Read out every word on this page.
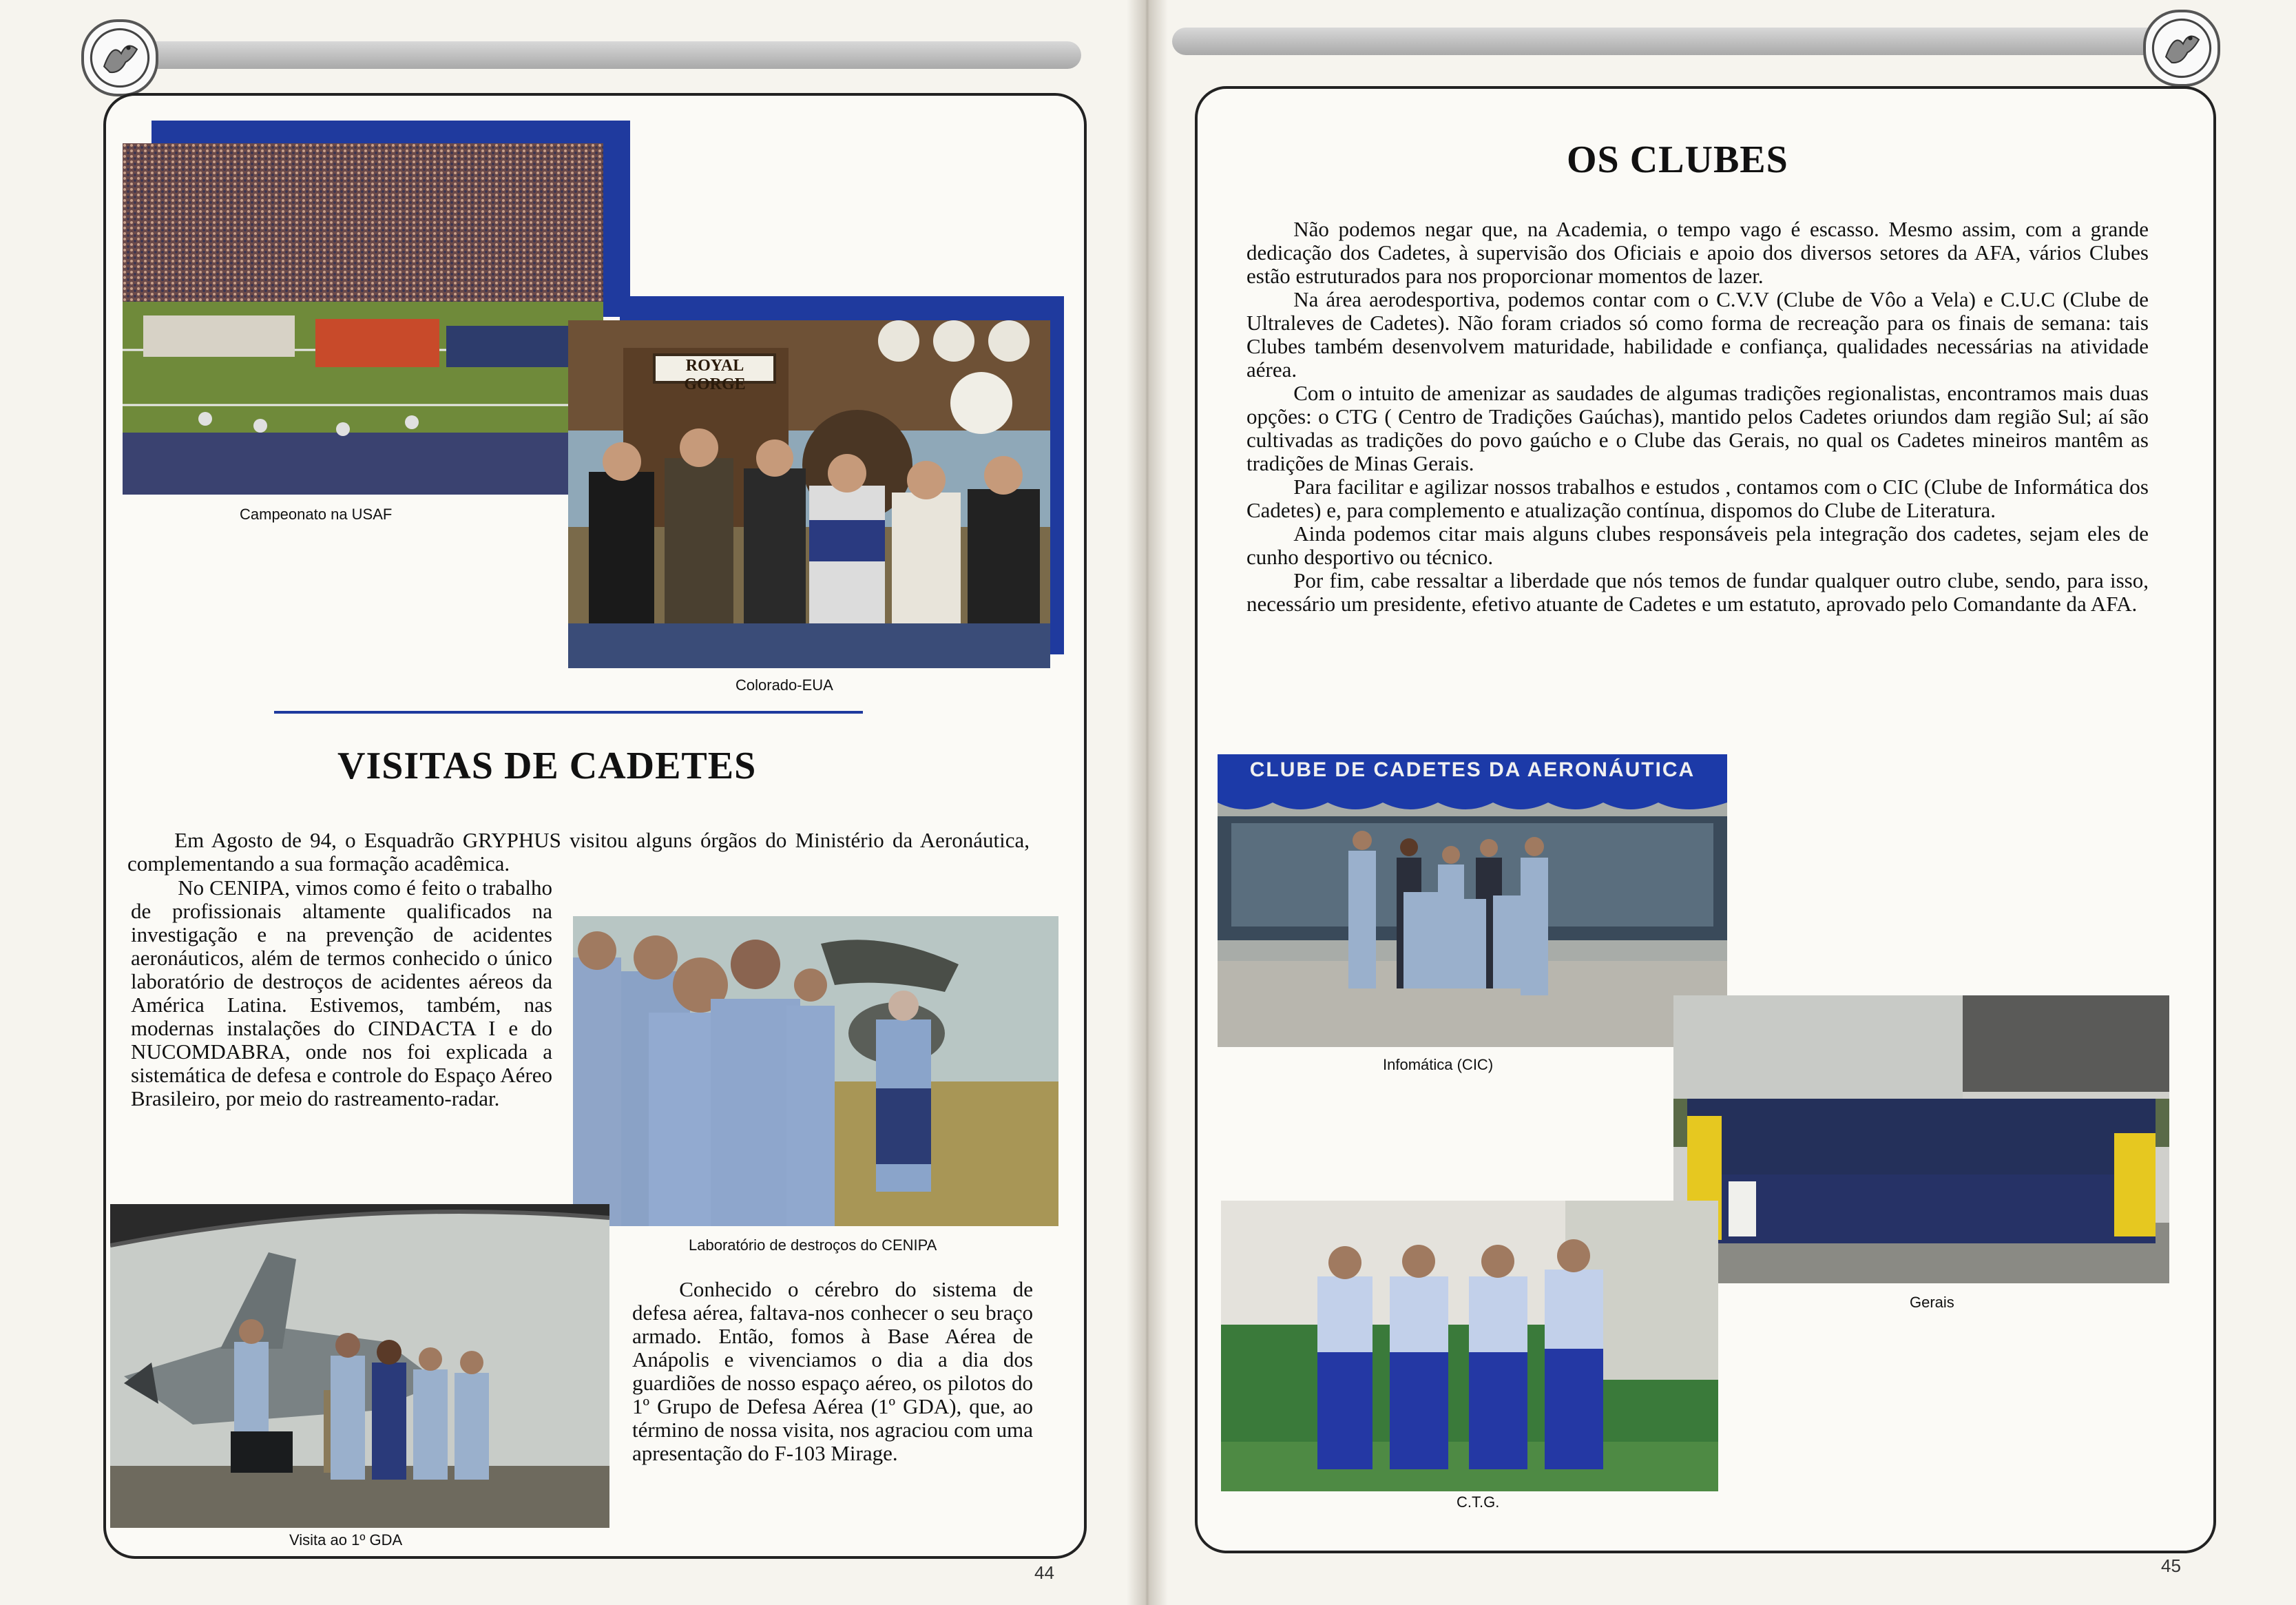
Campeonato na USAF
ROYAL GORGE
Colorado-EUA
VISITAS DE CADETES

Em Agosto de 94, o Esquadrão GRYPHUS visitou alguns órgãos do Ministério da Aeronáutica, complementando a sua formação acadêmica.

No CENIPA, vimos como é feito o trabalho de profissionais altamente qualificados na investigação e na prevenção de acidentes aeronáuticos, além de termos conhecido o único laboratório de destroços de acidentes aéreos da América Latina. Estivemos, também, nas modernas instalações do CINDACTA I e do NUCOMDABRA, onde nos foi explicada a sistemática de defesa e controle do Espaço Aéreo Brasileiro, por meio do rastreamento-radar.

Laboratório de destroços do CENIPA
Visita ao 1º GDA

Conhecido o cérebro do sistema de defesa aérea, faltava-nos conhecer o seu braço armado. Então, fomos à Base Aérea de Anápolis e vivenciamos o dia a dia dos guardiões de nosso espaço aéreo, os pilotos do 1º Grupo de Defesa Aérea (1º GDA), que, ao término de nossa visita, nos agraciou com uma apresentação do F-103 Mirage.

44
OS CLUBES

Não podemos negar que, na Academia, o tempo vago é escasso. Mesmo assim, com a grande dedicação dos Cadetes, à supervisão dos Oficiais e apoio dos diversos setores da AFA, vários Clubes estão estruturados para nos proporcionar momentos de lazer.

Na área aerodesportiva, podemos contar com o C.V.V (Clube de Vôo a Vela) e C.U.C (Clube de Ultraleves de Cadetes). Não foram criados só como forma de recreação para os finais de semana: tais Clubes também desenvolvem maturidade, habilidade e confiança, qualidades necessárias na atividade aérea.

Com o intuito de amenizar as saudades de algumas tradições regionalistas, encontramos mais duas opções: o CTG ( Centro de Tradições Gaúchas), mantido pelos Cadetes oriundos dam região Sul; aí são cultivadas as tradições do povo gaúcho e o Clube das Gerais, no qual os Cadetes mineiros mantêm as tradições de Minas Gerais.

Para facilitar e agilizar nossos trabalhos e estudos , contamos com o CIC (Clube de Informática dos Cadetes) e, para complemento e atualização contínua, dispomos do Clube de Literatura.

Ainda podemos citar mais alguns clubes responsáveis pela integração dos cadetes, sejam eles de cunho desportivo ou técnico.

Por fim, cabe ressaltar a liberdade que nós temos de fundar qualquer outro clube, sendo, para isso, necessário um presidente, efetivo atuante de Cadetes e um estatuto, aprovado pelo Comandante da AFA.

CLUBE DE CADETES DA AERONÁUTICA
Infomática (CIC)
Gerais
C.T.G.
45
